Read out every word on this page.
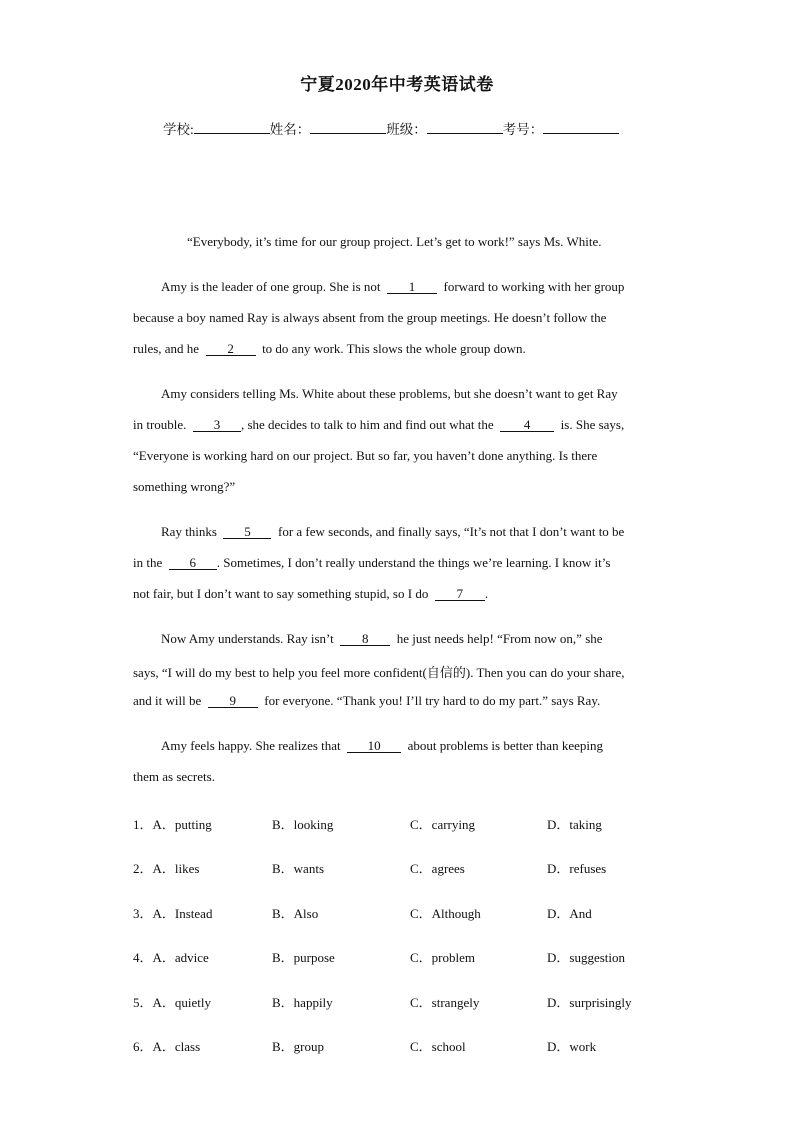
宁夏2020年中考英语试卷
学校:	姓名：	班级：	考号：
“Everybody, it’s time for our group project. Let’s get to work!” says Ms. White.
Amy is the leader of one group. She is not 1 forward to working with her group
because a boy named Ray is always absent from the group meetings. He doesn’t follow the
rules, and he 2 to do any work. This slows the whole group down.
Amy considers telling Ms. White about these problems, but she doesn’t want to get Ray
in trouble. 3 , she decides to talk to him and find out what the 4 is. She says,
“Everyone is working hard on our project. But so far, you haven’t done anything. Is there
something wrong?”
Ray thinks 5 for a few seconds, and finally says, “It’s not that I don’t want to be
in the 6 . Sometimes, I don’t really understand the things we’re learning. I know it’s
not fair, but I don’t want to say something stupid, so I do 7 .
Now Amy understands. Ray isn’t 8 he just needs help! “From now on,” she
says, “I will do my best to help you feel more confident(自信的). Then you can do your share,
and it will be 9 for everyone. “Thank you! I’ll try hard to do my part.” says Ray.
Amy feels happy. She realizes that 10 about problems is better than keeping
them as secrets.
1．A．putting	B．looking	C．carrying	D．taking
2．A．likes	B．wants	C．agrees	D．refuses
3．A．Instead	B．Also	C．Although	D．And
4．A．advice	B．purpose	C．problem	D．suggestion
5．A．quietly	B．happily	C．strangely	D．surprisingly
6．A．class	B．group	C．school	D．work
